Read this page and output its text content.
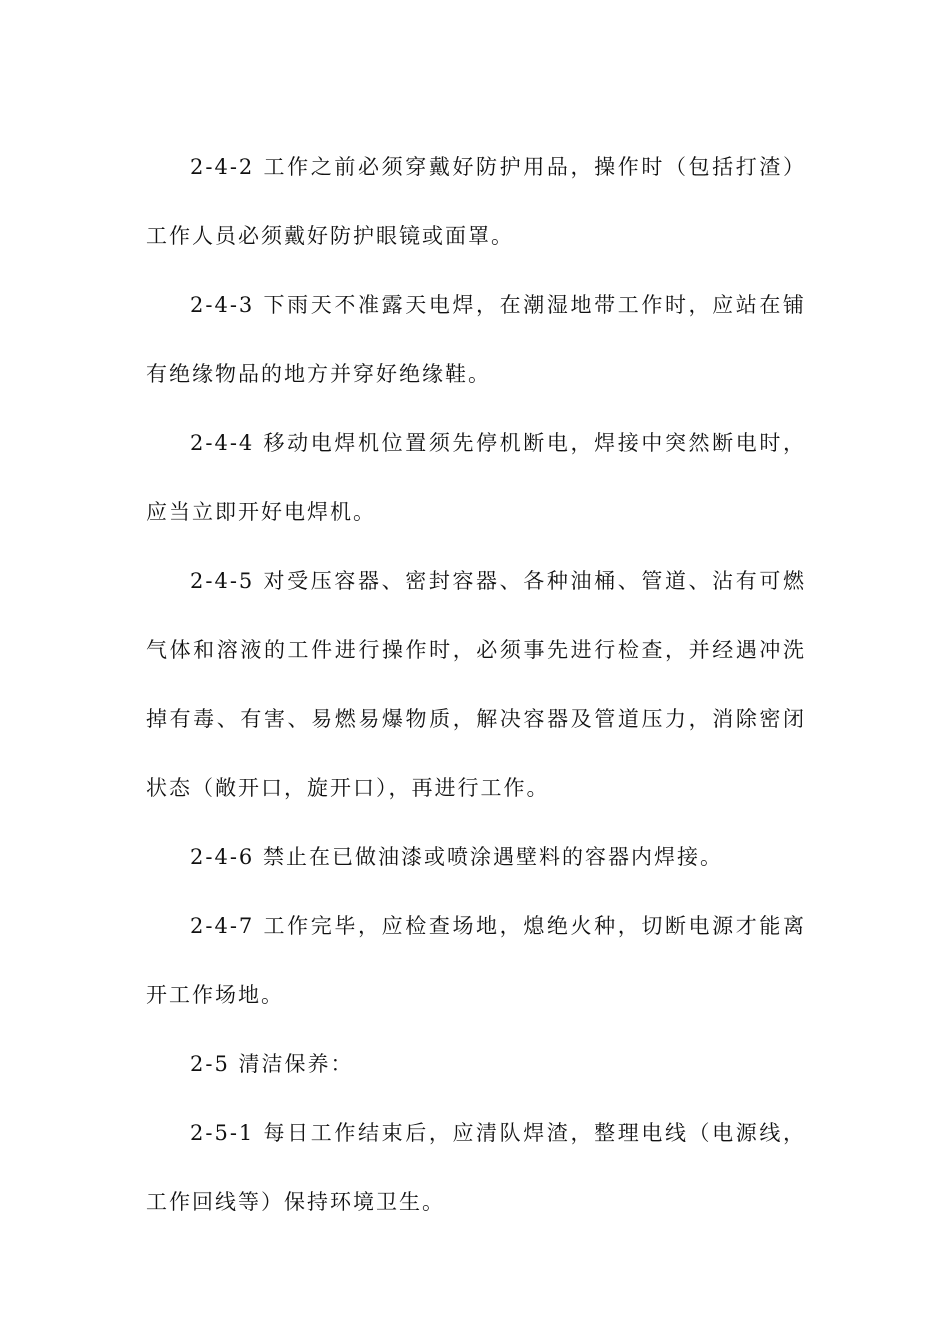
2-4-2 工作之前必须穿戴好防护用品，操作时（包括打渣）工作人员必须戴好防护眼镜或面罩。

2-4-3 下雨天不准露天电焊，在潮湿地带工作时，应站在铺有绝缘物品的地方并穿好绝缘鞋。

2-4-4 移动电焊机位置须先停机断电，焊接中突然断电时，应当立即开好电焊机。

2-4-5 对受压容器、密封容器、各种油桶、管道、沾有可燃气体和溶液的工件进行操作时，必须事先进行检查，并经遇冲洗掉有毒、有害、易燃易爆物质，解决容器及管道压力，消除密闭状态（敞开口，旋开口），再进行工作。

2-4-6 禁止在已做油漆或喷涂遇壁料的容器内焊接。

2-4-7 工作完毕，应检查场地，熄绝火种，切断电源才能离开工作场地。

2-5 清洁保养：

2-5-1 每日工作结束后，应清队焊渣，整理电线（电源线，工作回线等）保持环境卫生。
